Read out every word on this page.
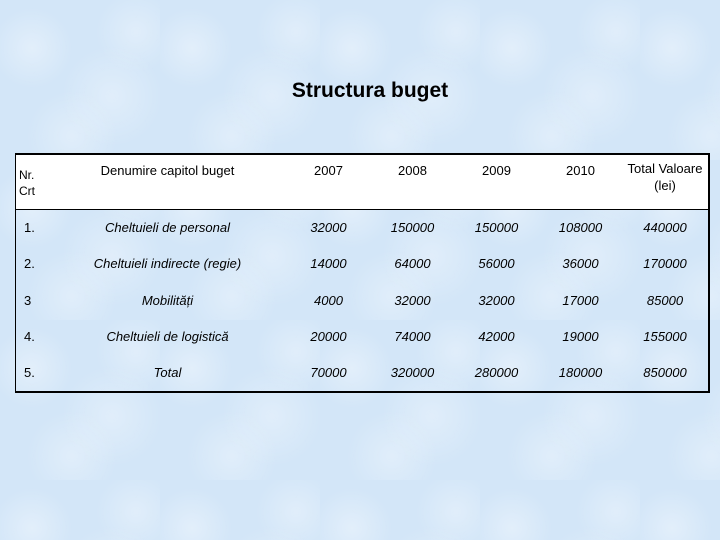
Structura buget
Nr. Crt	Denumire capitol buget	2007	2008	2009	2010	Total Valoare (lei)
1.	Cheltuieli de personal	32000	150000	150000	108000	440000
2.	Cheltuieli indirecte (regie)	14000	64000	56000	36000	170000
3	Mobilități	4000	32000	32000	17000	85000
4.	Cheltuieli de logistică	20000	74000	42000	19000	155000
5.	Total	70000	320000	280000	180000	850000
